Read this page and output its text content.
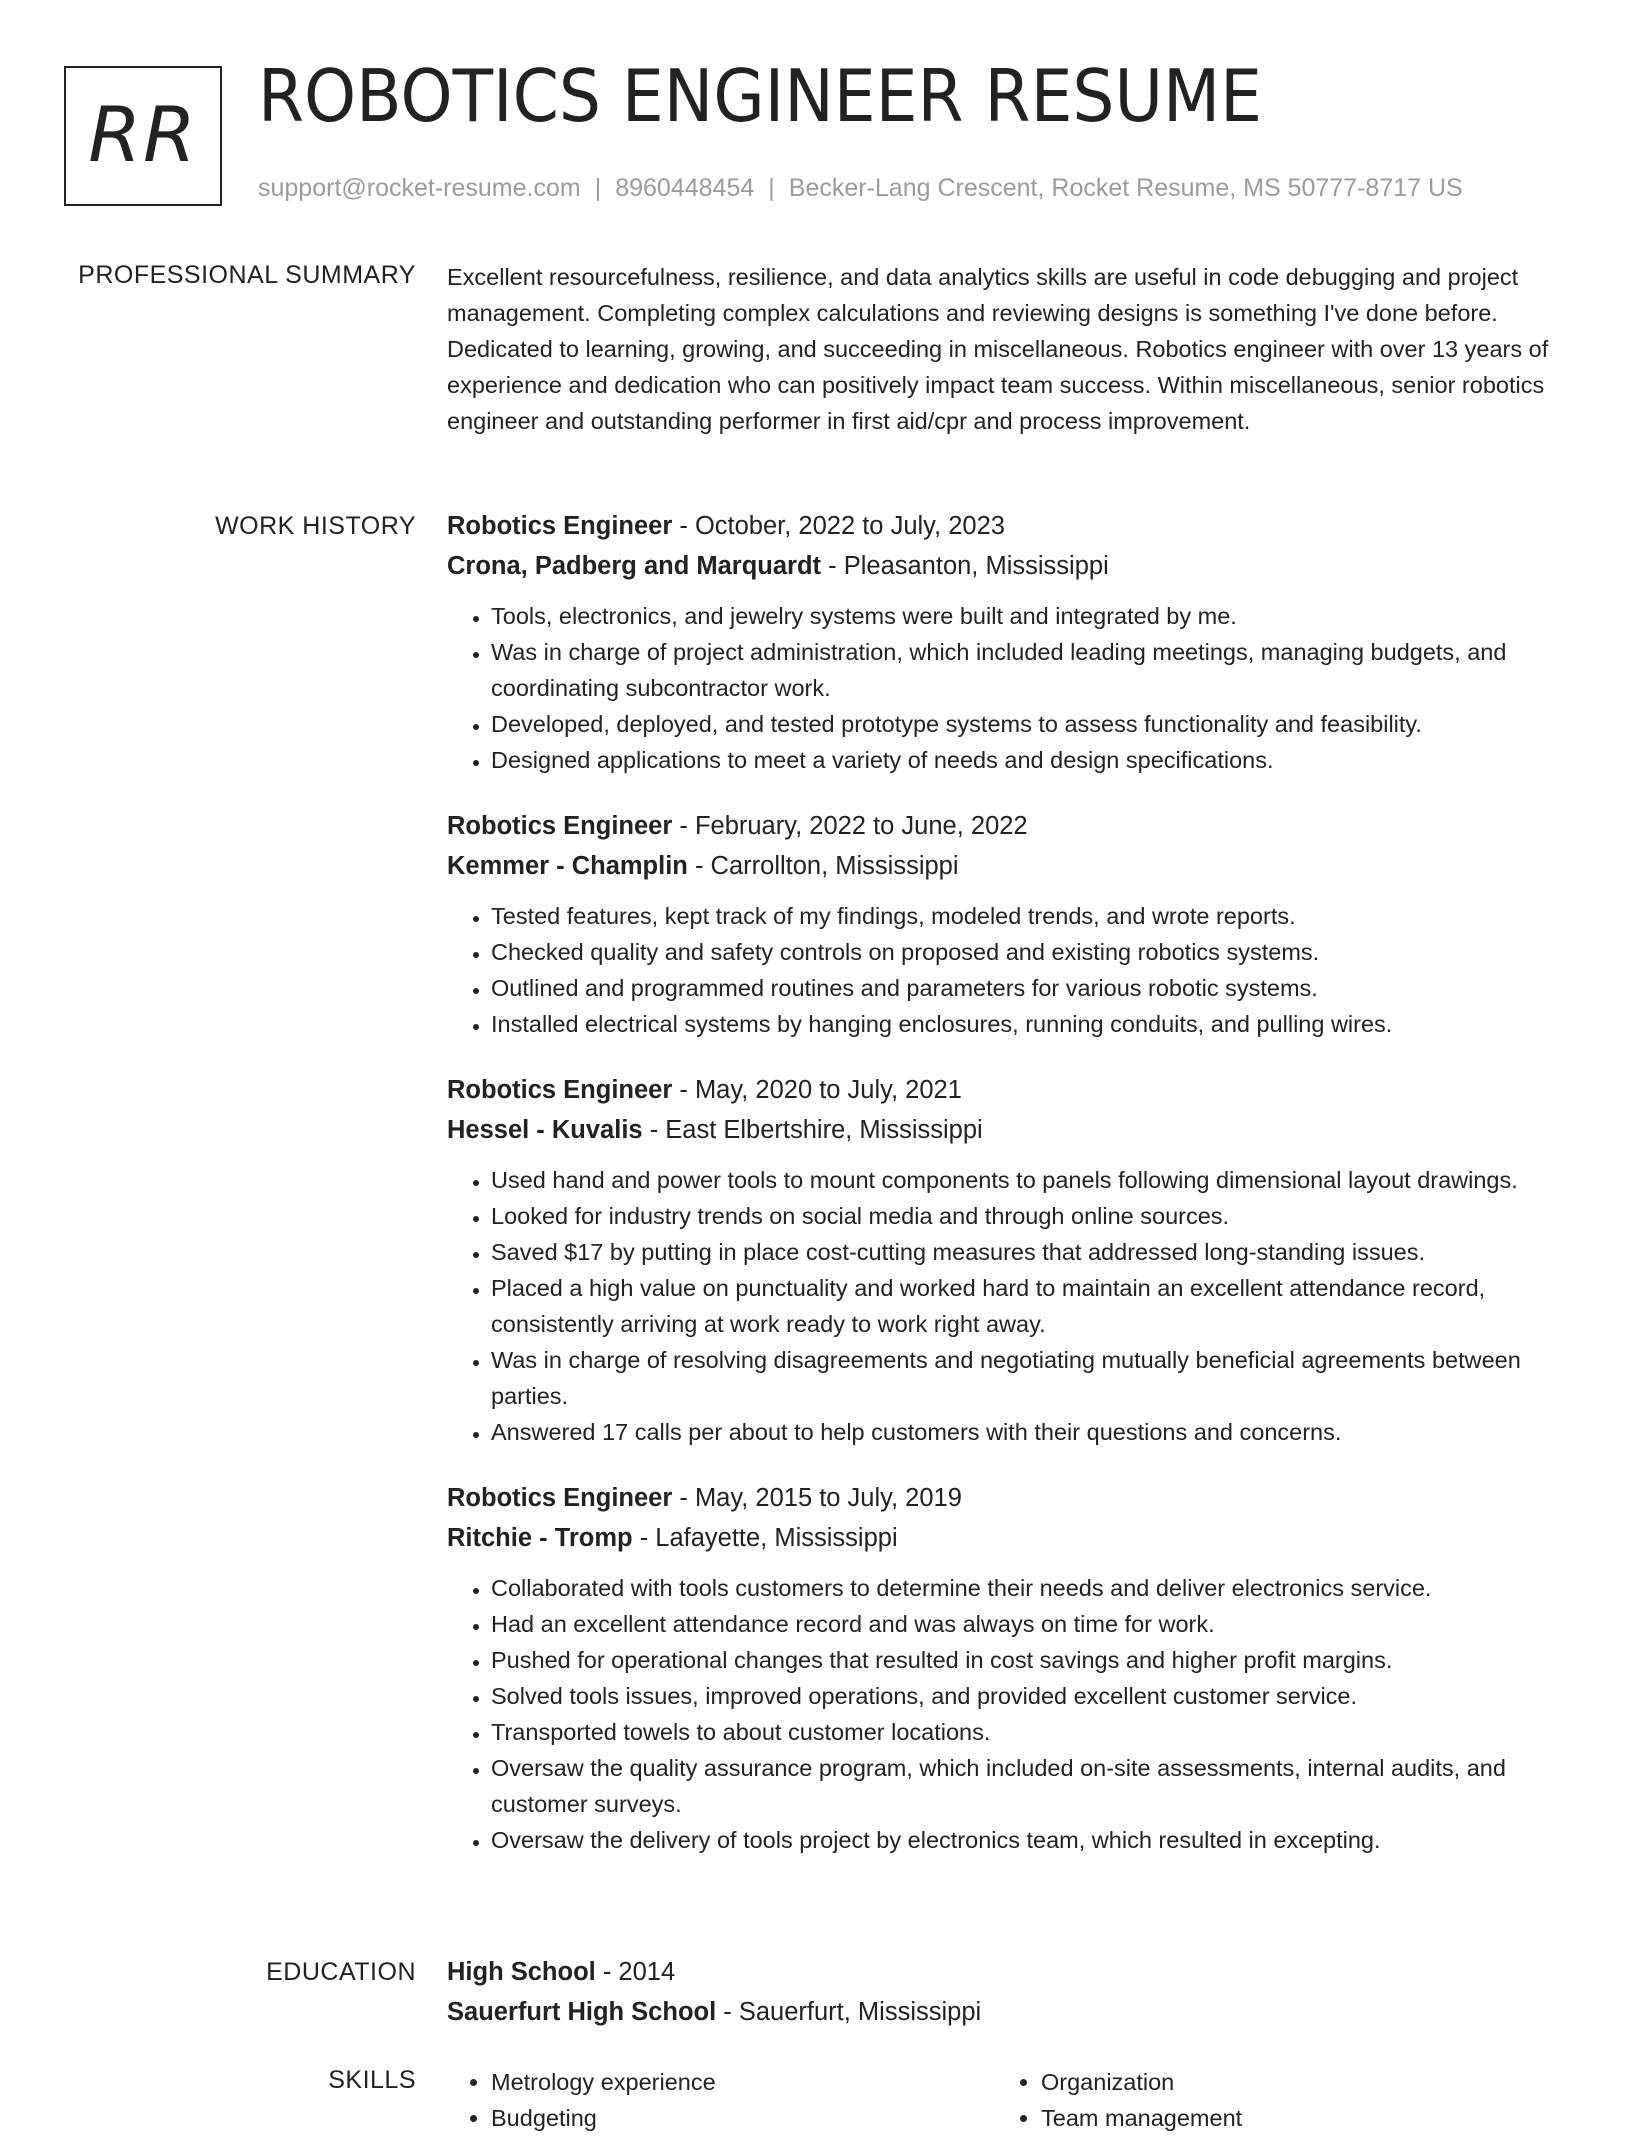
RR ROBOTICS ENGINEER RESUME
support@rocket-resume.com | 8960448454 | Becker-Lang Crescent, Rocket Resume, MS 50777-8717 US
PROFESSIONAL SUMMARY Excellent resourcefulness, resilience, and data analytics skills are useful in code debugging and project management. Completing complex calculations and reviewing designs is something I've done before. Dedicated to learning, growing, and succeeding in miscellaneous. Robotics engineer with over 13 years of experience and dedication who can positively impact team success. Within miscellaneous, senior robotics engineer and outstanding performer in first aid/cpr and process improvement.

WORK HISTORY Robotics Engineer - October, 2022 to July, 2023
Crona, Padberg and Marquardt - Pleasanton, Mississippi
• Tools, electronics, and jewelry systems were built and integrated by me.
• Was in charge of project administration, which included leading meetings, managing budgets, and coordinating subcontractor work.
• Developed, deployed, and tested prototype systems to assess functionality and feasibility.
• Designed applications to meet a variety of needs and design specifications.
Robotics Engineer - February, 2022 to June, 2022
Kemmer - Champlin - Carrollton, Mississippi
• Tested features, kept track of my findings, modeled trends, and wrote reports.
• Checked quality and safety controls on proposed and existing robotics systems.
• Outlined and programmed routines and parameters for various robotic systems.
• Installed electrical systems by hanging enclosures, running conduits, and pulling wires.
Robotics Engineer - May, 2020 to July, 2021
Hessel - Kuvalis - East Elbertshire, Mississippi
• Used hand and power tools to mount components to panels following dimensional layout drawings.
• Looked for industry trends on social media and through online sources.
• Saved $17 by putting in place cost-cutting measures that addressed long-standing issues.
• Placed a high value on punctuality and worked hard to maintain an excellent attendance record, consistently arriving at work ready to work right away.
• Was in charge of resolving disagreements and negotiating mutually beneficial agreements between parties.
• Answered 17 calls per about to help customers with their questions and concerns.
Robotics Engineer - May, 2015 to July, 2019
Ritchie - Tromp - Lafayette, Mississippi
• Collaborated with tools customers to determine their needs and deliver electronics service.
• Had an excellent attendance record and was always on time for work.
• Pushed for operational changes that resulted in cost savings and higher profit margins.
• Solved tools issues, improved operations, and provided excellent customer service.
• Transported towels to about customer locations.
• Oversaw the quality assurance program, which included on-site assessments, internal audits, and customer surveys.
• Oversaw the delivery of tools project by electronics team, which resulted in excepting.
EDUCATION High School - 2014
Sauerfurt High School - Sauerfurt, Mississippi
SKILLS
•	Metrology experience
• Budgeting
• Organization
• Team management
